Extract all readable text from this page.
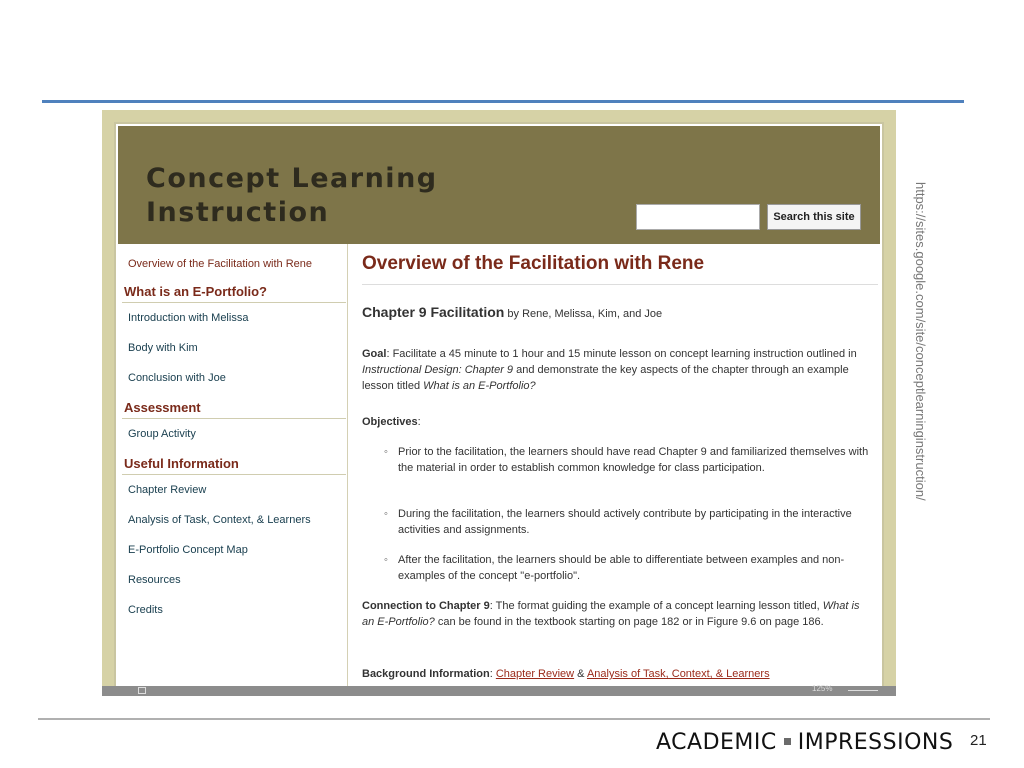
Concept Learning
Instruction	Search this site
Overview of the Facilitation with Rene
What is an E-Portfolio?
Introduction with Melissa
Body with Kim
Conclusion with Joe
Assessment
Group Activity
Useful Information
Chapter Review
Analysis of Task, Context, & Learners
E-Portfolio Concept Map
Resources
Credits
Overview of the Facilitation with Rene
Chapter 9 Facilitation by Rene, Melissa, Kim, and Joe
Goal: Facilitate a 45 minute to 1 hour and 15 minute lesson on concept learning instruction outlined in Instructional Design: Chapter 9 and demonstrate the key aspects of the chapter through an example lesson titled What is an E-Portfolio?
Objectives:
◦ Prior to the facilitation, the learners should have read Chapter 9 and familiarized themselves with the material in order to establish common knowledge for class participation.
◦ During the facilitation, the learners should actively contribute by participating in the interactive activities and assignments.
◦ After the facilitation, the learners should be able to differentiate between examples and non-examples of the concept "e-portfolio".
Connection to Chapter 9: The format guiding the example of a concept learning lesson titled, What is an E-Portfolio? can be found in the textbook starting on page 182 or in Figure 9.6 on page 186.
Background Information: Chapter Review & Analysis of Task, Context, & Learners
125%
https://sites.google.com/site/conceptlearninginstruction/
ACADEMIC IMPRESSIONS 21
